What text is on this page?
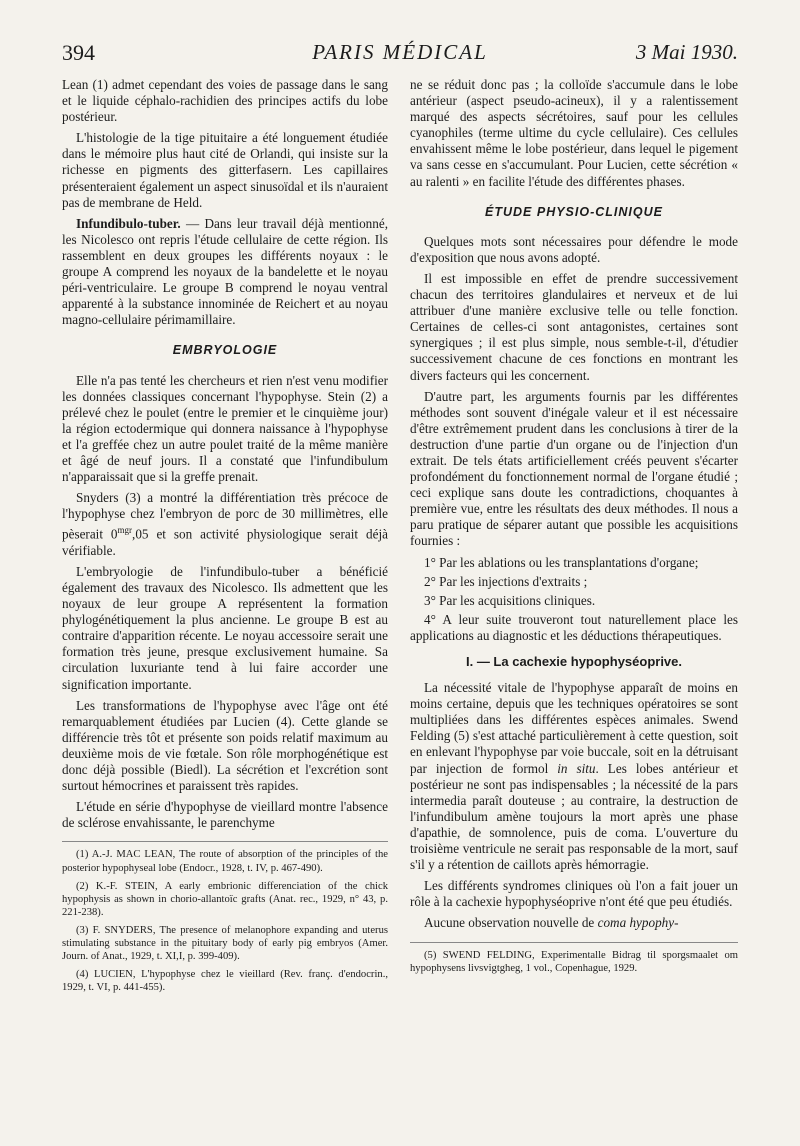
394	PARIS MÉDICAL	3 Mai 1930.

Lean (1) admet cependant des voies de passage dans le sang et le liquide céphalo-rachidien des principes actifs du lobe postérieur.

L'histologie de la tige pituitaire a été longuement étudiée dans le mémoire plus haut cité de Orlandi, qui insiste sur la richesse en pigments des gitterfasern. Les capillaires présenteraient également un aspect sinusoïdal et ils n'auraient pas de membrane de Held.

Infundibulo-tuber. — Dans leur travail déjà mentionné, les Nicolesco ont repris l'étude cellulaire de cette région. Ils rassemblent en deux groupes les différents noyaux : le groupe A comprend les noyaux de la bandelette et le noyau péri-ventriculaire. Le groupe B comprend le noyau ventral apparenté à la substance innominée de Reichert et au noyau magno-cellulaire périmamillaire.

EMBRYOLOGIE

Elle n'a pas tenté les chercheurs et rien n'est venu modifier les données classiques concernant l'hypophyse. Stein (2) a prélevé chez le poulet (entre le premier et le cinquième jour) la région ectodermique qui donnera naissance à l'hypophyse et l'a greffée chez un autre poulet traité de la même manière et âgé de neuf jours. Il a constaté que l'infundibulum n'apparaissait que si la greffe prenait.

Snyders (3) a montré la différentiation très précoce de l'hypophyse chez l'embryon de porc de 30 millimètres, elle pèserait $0^{mgr},05$ et son activité physiologique serait déjà vérifiable.

L'embryologie de l'infundibulo-tuber a bénéficié également des travaux des Nicolesco. Ils admettent que les noyaux de leur groupe A représentent la formation phylogénétiquement la plus ancienne. Le groupe B est au contraire d'apparition récente. Le noyau accessoire serait une formation très jeune, presque exclusivement humaine. Sa circulation luxuriante tend à lui faire accorder une signification importante.

Les transformations de l'hypophyse avec l'âge ont été remarquablement étudiées par Lucien (4). Cette glande se différencie très tôt et présente son poids relatif maximum au deuxième mois de vie fœtale. Son rôle morphogénétique est donc déjà possible (Biedl). La sécrétion et l'excrétion sont surtout hémocrines et paraissent très rapides.

L'étude en série d'hypophyse de vieillard montre l'absence de sclérose envahissante, le parenchyme

(1) A.-J. MAC LEAN, The route of absorption of the principles of the posterior hypophyseal lobe (Endocr., 1928, t. IV, p. 467-490).

(2) K.-F. STEIN, A early embrionic differenciation of the chick hypophysis as shown in chorio-allantoïc grafts (Anat. rec., 1929, n° 43, p. 221-238).

(3) F. SNYDERS, The presence of melanophore expanding and uterus stimulating substance in the pituitary body of early pig embryos (Amer. Journ. of Anat., 1929, t. XI,I, p. 399-409).

(4) LUCIEN, L'hypophyse chez le vieillard (Rev. franç. d'endocrin., 1929, t. VI, p. 441-455).

ne se réduit donc pas ; la colloïde s'accumule dans le lobe antérieur (aspect pseudo-acineux), il y a ralentissement marqué des aspects sécrétoires, sauf pour les cellules cyanophiles (terme ultime du cycle cellulaire). Ces cellules envahissent même le lobe postérieur, dans lequel le pigement va sans cesse en s'accumulant. Pour Lucien, cette sécrétion « au ralenti » en facilite l'étude des différentes phases.

ÉTUDE PHYSIO-CLINIQUE

Quelques mots sont nécessaires pour défendre le mode d'exposition que nous avons adopté.

Il est impossible en effet de prendre successivement chacun des territoires glandulaires et nerveux et de lui attribuer d'une manière exclusive telle ou telle fonction. Certaines de celles-ci sont antagonistes, certaines sont synergiques ; il est plus simple, nous semble-t-il, d'étudier successivement chacune de ces fonctions en montrant les divers facteurs qui les concernent.

D'autre part, les arguments fournis par les différentes méthodes sont souvent d'inégale valeur et il est nécessaire d'être extrêmement prudent dans les conclusions à tirer de la destruction d'une partie d'un organe ou de l'injection d'un extrait. De tels états artificiellement créés peuvent s'écarter profondément du fonctionnement normal de l'organe étudié ; ceci explique sans doute les contradictions, choquantes à première vue, entre les résultats des deux méthodes. Il nous a paru pratique de séparer autant que possible les acquisitions fournies :

1° Par les ablations ou les transplantations d'organe;

2° Par les injections d'extraits ;

3° Par les acquisitions cliniques.

4° A leur suite trouveront tout naturellement place les applications au diagnostic et les déductions thérapeutiques.

I. — La cachexie hypophyséoprive.

La nécessité vitale de l'hypophyse apparaît de moins en moins certaine, depuis que les techniques opératoires se sont multipliées dans les différentes espèces animales. Swend Felding (5) s'est attaché particulièrement à cette question, soit en enlevant l'hypophyse par voie buccale, soit en la détruisant par injection de formol in situ. Les lobes antérieur et postérieur ne sont pas indispensables ; la nécessité de la pars intermedia paraît douteuse ; au contraire, la destruction de l'infundibulum amène toujours la mort après une phase d'apathie, de somnolence, puis de coma. L'ouverture du troisième ventricule ne serait pas responsable de la mort, sauf s'il y a rétention de caillots après hémorragie.

Les différents syndromes cliniques où l'on a fait jouer un rôle à la cachexie hypophyséoprive n'ont été que peu étudiés.

Aucune observation nouvelle de coma hypophy-

(5) SWEND FELDING, Experimentalle Bidrag til sporgsmaalet om hypophysens livsvigtgheg, 1 vol., Copenhague, 1929.
